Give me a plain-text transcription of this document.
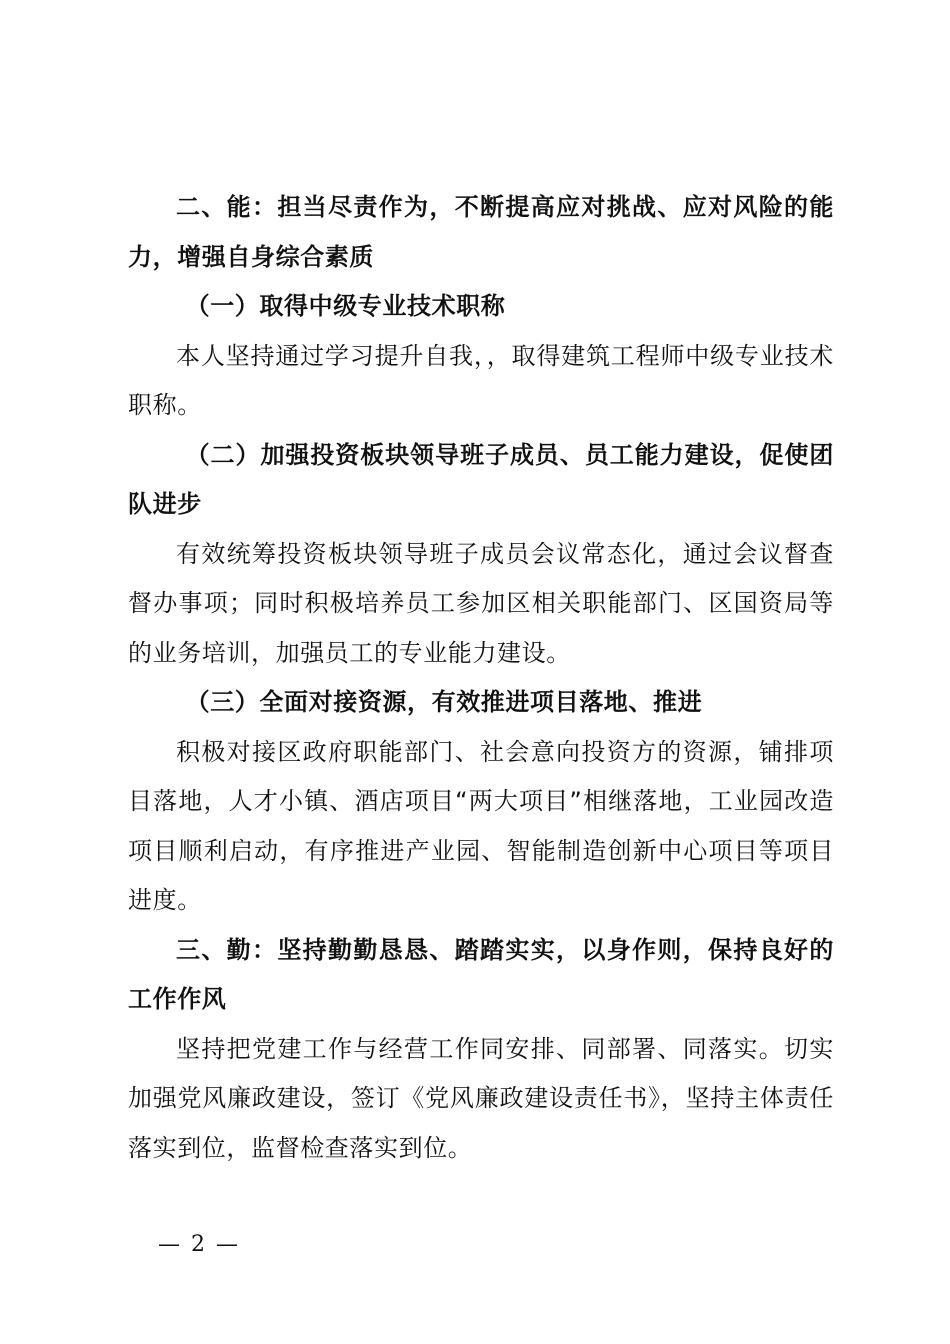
二、能：担当尽责作为，不断提高应对挑战、应对风险的能力，增强自身综合素质

（一）取得中级专业技术职称

本人坚持通过学习提升自我，，取得建筑工程师中级专业技术职称。

（二）加强投资板块领导班子成员、员工能力建设，促使团队进步

有效统筹投资板块领导班子成员会议常态化，通过会议督查督办事项；同时积极培养员工参加区相关职能部门、区国资局等的业务培训，加强员工的专业能力建设。

（三）全面对接资源，有效推进项目落地、推进

积极对接区政府职能部门、社会意向投资方的资源，铺排项目落地，人才小镇、酒店项目“两大项目”相继落地，工业园改造项目顺利启动，有序推进产业园、智能制造创新中心项目等项目进度。

三、勤：坚持勤勤恳恳、踏踏实实，以身作则，保持良好的工作作风

坚持把党建工作与经营工作同安排、同部署、同落实。切实加强党风廉政建设，签订《党风廉政建设责任书》，坚持主体责任落实到位，监督检查落实到位。

— 2 —
